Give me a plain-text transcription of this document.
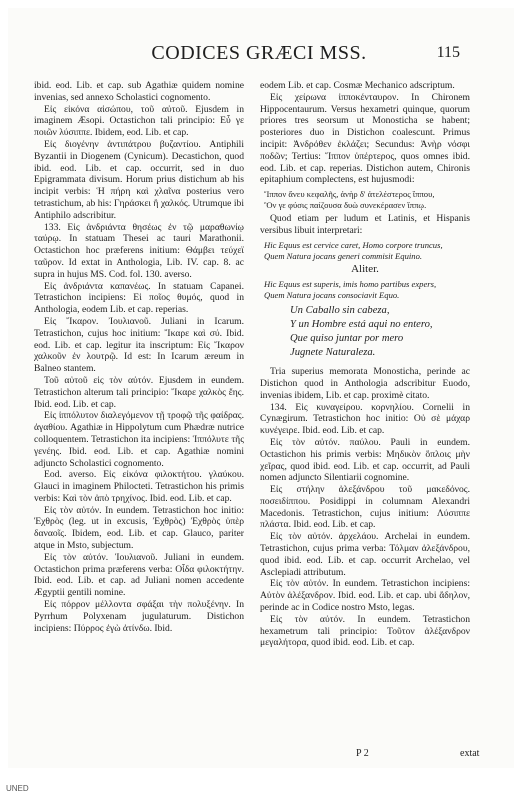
CODICES GRÆCI MSS.	115

ibid. eod. Lib. et cap. sub Agathiæ quidem nomine invenias, sed annexo Scholastici cognomento.

Εἰς εἰκόνα αἰσώπου, τοῦ αὐτοῦ. Ejusdem in imaginem Æsopi. Octastichon tali principio: Εὖ γε ποιῶν λύσιππε. Ibidem, eod. Lib. et cap.

Εἰς διογένην ἀντιπάτρου βυζαντίου. Antiphili Byzantii in Diogenem (Cynicum). Decastichon, quod ibid. eod. Lib. et cap. occurrit, sed in duo Epigrammata divisum. Horum prius distichum ab his incipit verbis: Ἡ πήρη καὶ χλαῖνα posterius vero tetrastichum, ab his: Γηράσκει ἢ χαλκός. Utrumque ibi Antiphilo adscribitur.

133. Εἰς ἀνδριάντα θησέως ἐν τῷ μαραθωνίῳ ταύρῳ. In statuam Thesei ac tauri Marathonii. Octastichon hoc præferens initium: Θάμβει τεύχεϊ ταῦρον. Id extat in Anthologia, Lib. IV. cap. 8. ac supra in hujus MS. Cod. fol. 130. averso.

Εἰς ἀνδριάντα καπανέως. In statuam Capanei. Tetrastichon incipiens: Εἰ ποῖος θυμός, quod in Anthologia, eodem Lib. et cap. reperias.

Εἰς Ἴκαρον. Ἰουλιανοῦ. Juliani in Icarum. Tetrastichon, cujus hoc initium: Ἴκαρε καὶ σύ. Ibid. eod. Lib. et cap. legitur ita inscriptum: Εἰς Ἴκαρον χαλκοῦν ἐν λουτρῷ. Id est: In Icarum æreum in Balneo stantem.

Τοῦ αὐτοῦ εἰς τὸν αὐτόν. Ejusdem in eundem. Tetrastichon alterum tali principio: Ἴκαρε χαλκὸς ἔης. Ibid. eod. Lib. et cap.

Εἰς ἱππόλυτον διαλεγόμενον τῇ τροφῷ τῆς φαίδρας. ἀγαθίου. Agathiæ in Hippolytum cum Phædræ nutrice colloquentem. Tetrastichon ita incipiens: Ἱππόλυτε τῆς γενέης. Ibid. eod. Lib. et cap. Agathiæ nomini adjuncto Scholastici cognomento.

Eod. averso. Εἰς εἰκόνα φιλοκτήτου. γλαύκου. Glauci in imaginem Philocteti. Tetrastichon his primis verbis: Καὶ τὸν ἀπὸ τρηχίνος. Ibid. eod. Lib. et cap.

Εἰς τὸν αὐτόν. In eundem. Tetrastichon hoc initio: Ἐχθρὸς (leg. ut in excusis, Ἐχθρὸς) Ἐχθρὸς ὑπὲρ δαναοῖς. Ibidem, eod. Lib. et cap. Glauco, pariter atque in Msto, subjectum.

Εἰς τὸν αὐτόν. Ἰουλιανοῦ. Juliani in eundem. Octastichon prima præferens verba: Οἶδα φιλοκτήτην. Ibid. eod. Lib. et cap. ad Juliani nomen accedente Ægyptii gentili nomine.

Εἰς πόρρον μέλλοντα σφάξαι τὴν πολυξένην. In Pyrrhum Polyxenam jugulaturum. Distichon incipiens: Πύρρος ἐγὼ ἀτίνδω. Ibid.

eodem Lib. et cap. Cosmæ Mechanico adscriptum.

Εἰς χείρωνα ἱπποκένταυρον. In Chironem Hippocentaurum. Versus hexametri quinque, quorum priores tres seorsum ut Monosticha se habent; posteriores duo in Distichon coalescunt. Primus incipit: Ἀνδρόθεν ἐκλάζει; Secundus: Ἀνὴρ νόσφι ποδῶν; Tertius: Ἵππον ὑπέρτερος, quos omnes ibid. eod. Lib. et cap. reperias. Distichon autem, Chironis epitaphium complectens, est hujusmodi:

Ἵππον ἄνευ κεφαλῆς, ἀνὴρ δ' ἀτελέστερος ἵππου,
Ὃν γε φύσις παίζουσα δυὼ συνεκέρασεν ἵππῳ.

Quod etiam per ludum et Latinis, et Hispanis versibus libuit interpretari:

Hic Equus est cervice caret, Homo corpore truncus,
Quem Natura jocans generi commisit Equino.
Aliter.
Hic Equus est superis, imis homo partibus expers,
Quem Natura jocans consociavit Equo.
Un Caballo sin cabeza,
Y un Hombre está aqui no entero,
Que quiso juntar por mero
Jugnete Naturaleza.

Tria superius memorata Monosticha, perinde ac Distichon quod in Anthologia adscribitur Euodo, invenias ibidem, Lib. et cap. proximè citato.

134. Εἰς κυναγείρου. κορνηλίου. Cornelii in Cynægirum. Tetrastichon hoc initio: Οὐ σὲ μάχαρ κυνέγειρε. Ibid. eod. Lib. et cap.

Εἰς τὸν αὐτόν. παύλου. Pauli in eundem. Octastichon his primis verbis: Μηδικὸν ὅπλοις μὴν χεῖρας, quod ibid. eod. Lib. et cap. occurrit, ad Pauli nomen adjuncto Silentiarii cognomine.

Εἰς στήλην ἀλεξάνδρου τοῦ μακεδόνος. ποσειδίππου. Posidippi in columnam Alexandri Macedonis. Tetrastichon, cujus initium: Λύσιππε πλάστα. Ibid. eod. Lib. et cap.

Εἰς τὸν αὐτόν. ἀρχελάου. Archelai in eundem. Tetrastichon, cujus prima verba: Τόλμαν ἀλεξάνδρου, quod ibid. eod. Lib. et cap. occurrit Archelao, vel Asclepiadi attributum.

Εἰς τὸν αὐτόν. In eundem. Tetrastichon incipiens: Αὐτὸν ἀλέξανδρον. Ibid. eod. Lib. et cap. ubi ἄδηλον, perinde ac in Codice nostro Msto, legas.

Εἰς τὸν αὐτόν. In eundem. Tetrastichon hexametrum tali principio: Τοῦτον ἀλέξανδρον μεγαλήτορα, quod ibid. eod. Lib. et cap.

P 2	extat
UNED
